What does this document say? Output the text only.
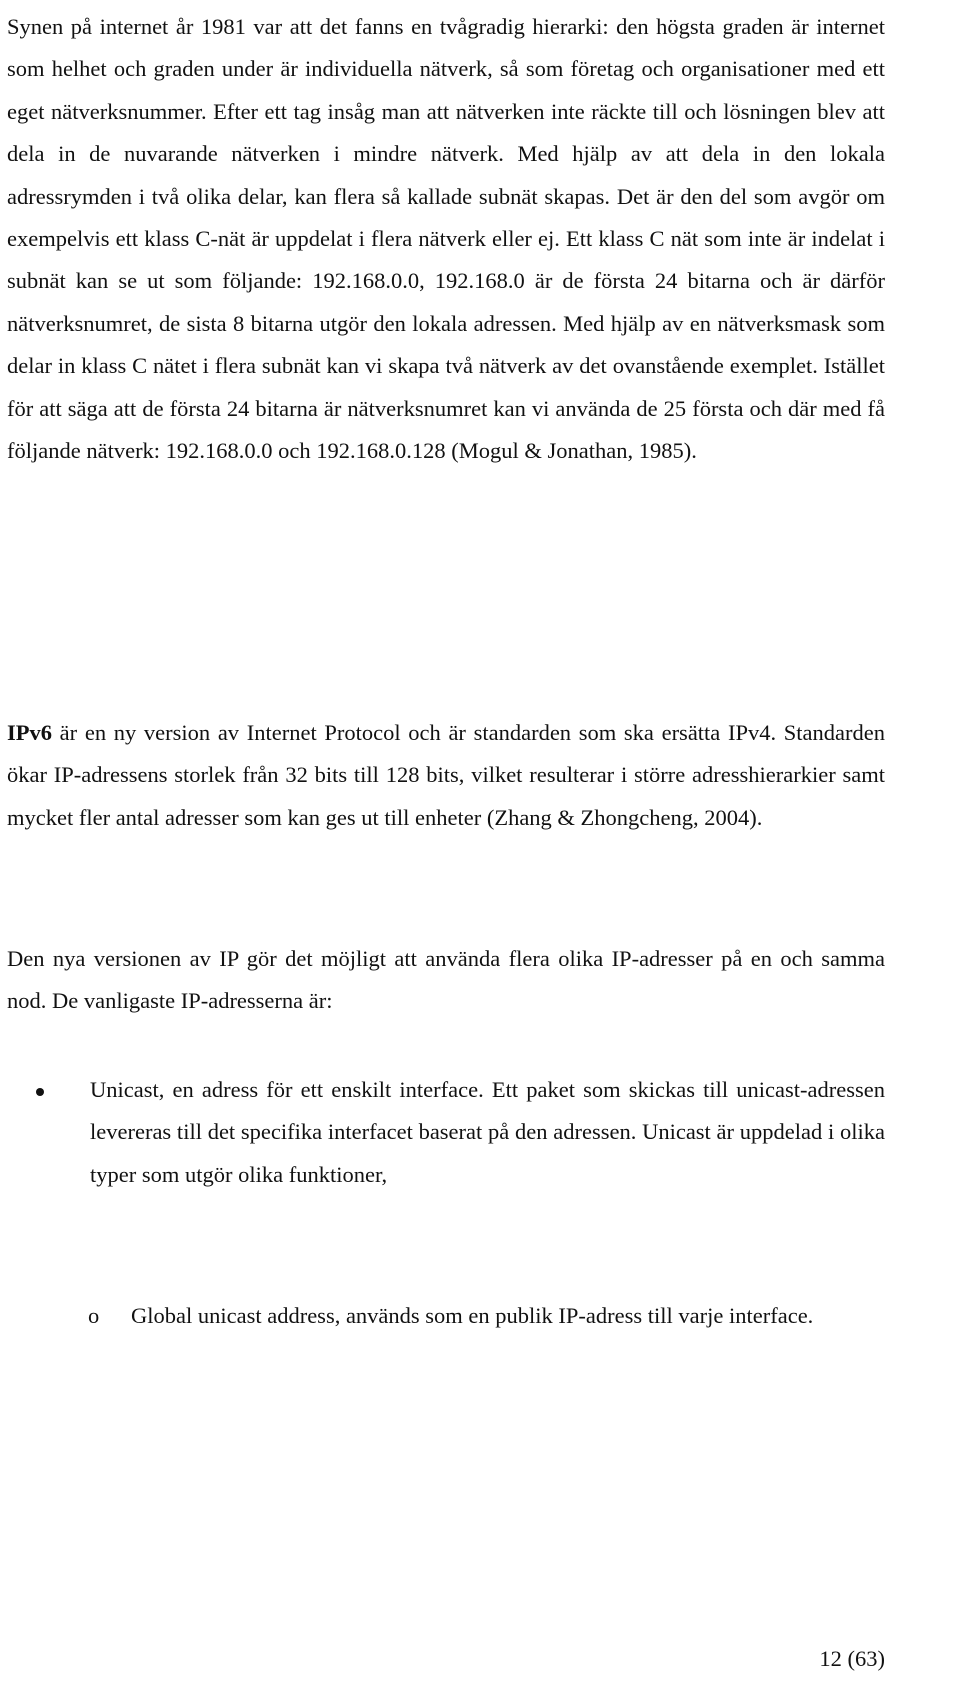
Synen på internet år 1981 var att det fanns en tvågradig hierarki: den högsta graden är internet som helhet och graden under är individuella nätverk, så som företag och organisationer med ett eget nätverksnummer. Efter ett tag insåg man att nätverken inte räckte till och lösningen blev att dela in de nuvarande nätverken i mindre nätverk. Med hjälp av att dela in den lokala adressrymden i två olika delar, kan flera så kallade subnät skapas. Det är den del som avgör om exempelvis ett klass C-nät är uppdelat i flera nätverk eller ej. Ett klass C nät som inte är indelat i subnät kan se ut som följande: 192.168.0.0, 192.168.0 är de första 24 bitarna och är därför nätverksnumret, de sista 8 bitarna utgör den lokala adressen. Med hjälp av en nätverksmask som delar in klass C nätet i flera subnät kan vi skapa två nätverk av det ovanstående exemplet. Istället för att säga att de första 24 bitarna är nätverksnumret kan vi använda de 25 första och där med få följande nätverk: 192.168.0.0 och 192.168.0.128 (Mogul & Jonathan, 1985).

IPv6 är en ny version av Internet Protocol och är standarden som ska ersätta IPv4. Standarden ökar IP-adressens storlek från 32 bits till 128 bits, vilket resulterar i större adresshierarkier samt mycket fler antal adresser som kan ges ut till enheter (Zhang & Zhongcheng, 2004).

Den nya versionen av IP gör det möjligt att använda flera olika IP-adresser på en och samma nod. De vanligaste IP-adresserna är:

Unicast, en adress för ett enskilt interface. Ett paket som skickas till unicast-adressen levereras till det specifika interfacet baserat på den adressen. Unicast är uppdelad i olika typer som utgör olika funktioner,
o	Global unicast address, används som en publik IP-adress till varje interface.
12 (63)
